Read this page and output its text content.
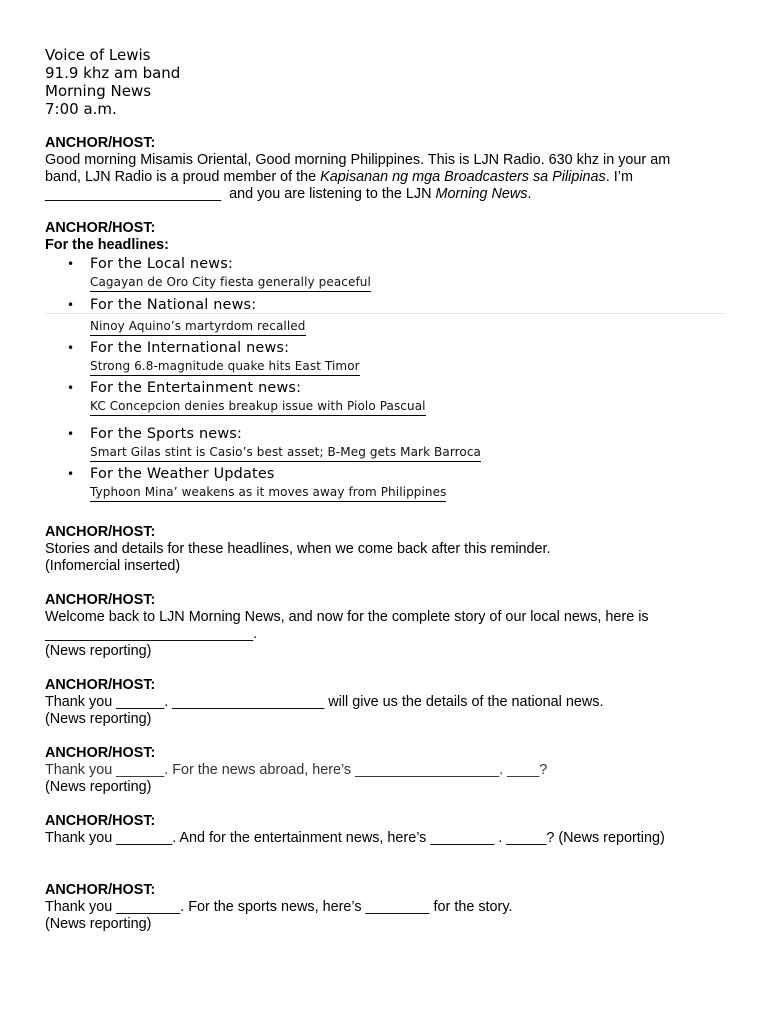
Voice of Lewis
91.9 khz am band
Morning News
7:00 a.m.
ANCHOR/HOST:
Good morning Misamis Oriental, Good morning Philippines. This is LJN Radio. 630 khz in your am
band, LJN Radio is a proud member of the Kapisanan ng mga Broadcasters sa Pilipinas. I’m
______________________  and you are listening to the LJN Morning News.
ANCHOR/HOST:
For the headlines:
• For the Local news:
Cagayan de Oro City fiesta generally peaceful
• For the National news:
Ninoy Aquino’s martyrdom recalled
• For the International news:
Strong 6.8-magnitude quake hits East Timor
• For the Entertainment news:
KC Concepcion denies breakup issue with Piolo Pascual
• For the Sports news:
Smart Gilas stint is Casio’s best asset; B-Meg gets Mark Barroca
• For the Weather Updates
Typhoon Mina’ weakens as it moves away from Philippines
ANCHOR/HOST:
Stories and details for these headlines, when we come back after this reminder.
(Infomercial inserted)
ANCHOR/HOST:
Welcome back to LJN Morning News, and now for the complete story of our local news, here is
__________________________.
(News reporting)
ANCHOR/HOST:
Thank you ______. ___________________ will give us the details of the national news.
(News reporting)
ANCHOR/HOST:
Thank you ______. For the news abroad, here’s __________________. ____?
(News reporting)
ANCHOR/HOST:
Thank you _______. And for the entertainment news, here’s ________ . _____? (News reporting)
ANCHOR/HOST:
Thank you ________. For the sports news, here’s ________ for the story.
(News reporting)
